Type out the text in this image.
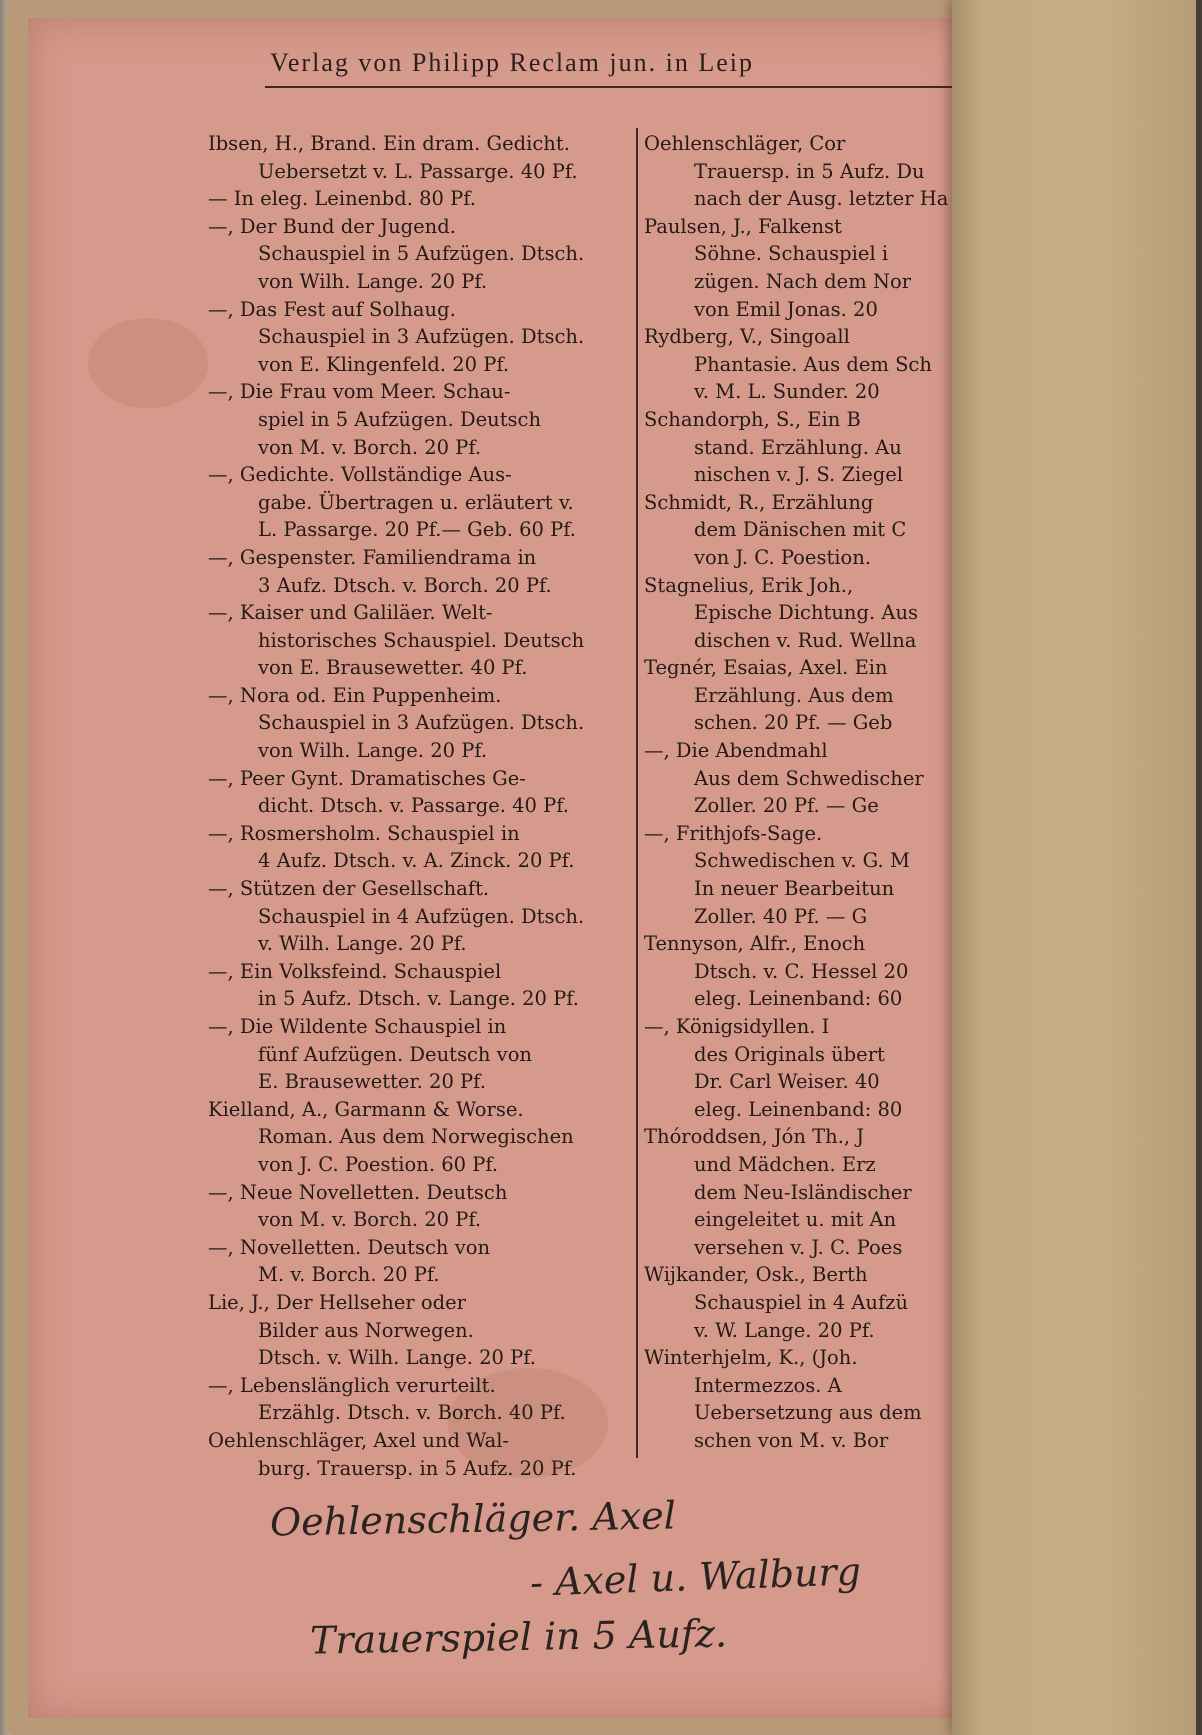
Verlag von Philipp Reclam jun. in Leip
Ibsen, H., Brand. Ein dram. Gedicht.
Uebersetzt v. L. Passarge. 40 Pf.
— In eleg. Leinenbd. 80 Pf.
—, Der Bund der Jugend.
Schauspiel in 5 Aufzügen. Dtsch.
von Wilh. Lange. 20 Pf.
—, Das Fest auf Solhaug.
Schauspiel in 3 Aufzügen. Dtsch.
von E. Klingenfeld. 20 Pf.
—, Die Frau vom Meer. Schau-
spiel in 5 Aufzügen. Deutsch
von M. v. Borch. 20 Pf.
—, Gedichte. Vollständige Aus-
gabe. Übertragen u. erläutert v.
L. Passarge. 20 Pf.— Geb. 60 Pf.
—, Gespenster. Familiendrama in
3 Aufz. Dtsch. v. Borch. 20 Pf.
—, Kaiser und Galiläer. Welt-
historisches Schauspiel. Deutsch
von E. Brausewetter. 40 Pf.
—, Nora od. Ein Puppenheim.
Schauspiel in 3 Aufzügen. Dtsch.
von Wilh. Lange. 20 Pf.
—, Peer Gynt. Dramatisches Ge-
dicht. Dtsch. v. Passarge. 40 Pf.
—, Rosmersholm. Schauspiel in
4 Aufz. Dtsch. v. A. Zinck. 20 Pf.
—, Stützen der Gesellschaft.
Schauspiel in 4 Aufzügen. Dtsch.
v. Wilh. Lange. 20 Pf.
—, Ein Volksfeind. Schauspiel
in 5 Aufz. Dtsch. v. Lange. 20 Pf.
—, Die Wildente Schauspiel in
fünf Aufzügen. Deutsch von
E. Brausewetter. 20 Pf.
Kielland, A., Garmann & Worse.
Roman. Aus dem Norwegischen
von J. C. Poestion. 60 Pf.
—, Neue Novelletten. Deutsch
von M. v. Borch. 20 Pf.
—, Novelletten. Deutsch von
M. v. Borch. 20 Pf.
Lie, J., Der Hellseher oder
Bilder aus Norwegen.
Dtsch. v. Wilh. Lange. 20 Pf.
—, Lebenslänglich verurteilt.
Erzählg. Dtsch. v. Borch. 40 Pf.
Oehlenschläger, Axel und Wal-
burg. Trauersp. in 5 Aufz. 20 Pf.
Oehlenschläger, Cor
Trauersp. in 5 Aufz. Du
nach der Ausg. letzter Ha
Paulsen, J., Falkenst
Söhne. Schauspiel i
zügen. Nach dem Nor
von Emil Jonas. 20
Rydberg, V., Singoall
Phantasie. Aus dem Sch
v. M. L. Sunder. 20
Schandorph, S., Ein B
stand. Erzählung. Au
nischen v. J. S. Ziegel
Schmidt, R., Erzählung
dem Dänischen mit C
von J. C. Poestion.
Stagnelius, Erik Joh.,
Epische Dichtung. Aus
dischen v. Rud. Wellna
Tegnér, Esaias, Axel. Ein
Erzählung. Aus dem
schen. 20 Pf. — Geb
—, Die Abendmahl
Aus dem Schwedischer
Zoller. 20 Pf. — Ge
—, Frithjofs-Sage.
Schwedischen v. G. M
In neuer Bearbeitun
Zoller. 40 Pf. — G
Tennyson, Alfr., Enoch
Dtsch. v. C. Hessel 20
eleg. Leinenband: 60
—, Königsidyllen. I
des Originals übert
Dr. Carl Weiser. 40
eleg. Leinenband: 80
Thóroddsen, Jón Th., J
und Mädchen. Erz
dem Neu-Isländischer
eingeleitet u. mit An
versehen v. J. C. Poes
Wijkander, Osk., Berth
Schauspiel in 4 Aufzü
v. W. Lange. 20 Pf.
Winterhjelm, K., (Joh.
Intermezzos. A
Uebersetzung aus dem
schen von M. v. Bor
Oehlenschläger. Axel
- Axel u. Walburg
Trauerspiel in 5 Aufz.
